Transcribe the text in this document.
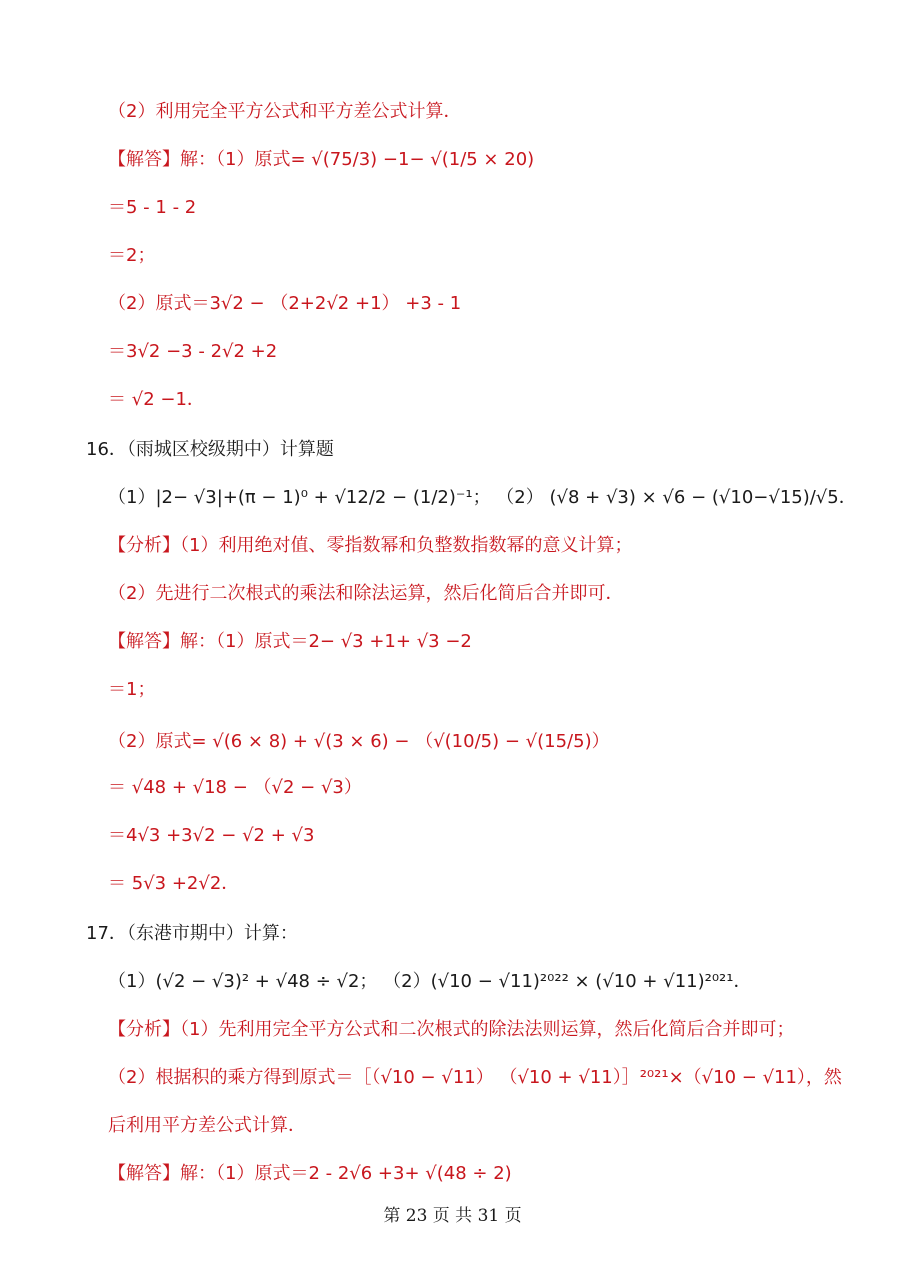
（2）利用完全平方公式和平方差公式计算．
【解答】解：（1）原式= √(75/3) −1− √(1/5 × 20)
＝5 - 1 - 2
＝2；
（2）原式＝3√2 − （2+2√2 +1） +3 - 1
＝3√2 −3 - 2√2 +2
＝ √2 −1．
16．（雨城区校级期中）计算题
（1）|2− √3|+(π − 1)⁰ + √12/2 − (1/2)⁻¹； （2） (√8 + √3) × √6 − (√10−√15)/√5．
【分析】（1）利用绝对值、零指数幂和负整数指数幂的意义计算；
（2）先进行二次根式的乘法和除法运算，然后化简后合并即可．
【解答】解：（1）原式＝2− √3 +1+ √3 −2
＝1；
（2）原式= √(6 × 8) + √(3 × 6) − （√(10/5) − √(15/5)）
＝ √48 + √18 − （√2 − √3）
＝4√3 +3√2 − √2 + √3
＝ 5√3 +2√2．
17．（东港市期中）计算：
（1）(√2 − √3)² + √48 ÷ √2； （2）(√10 − √11)²⁰²² × (√10 + √11)²⁰²¹．
【分析】（1）先利用完全平方公式和二次根式的除法法则运算，然后化简后合并即可；
（2）根据积的乘方得到原式＝［（√10 − √11） （√10 + √11）］²⁰²¹×（√10 − √11），然
后利用平方差公式计算．
【解答】解：（1）原式＝2 - 2√6 +3+ √(48 ÷ 2)
第 23 页 共 31 页
